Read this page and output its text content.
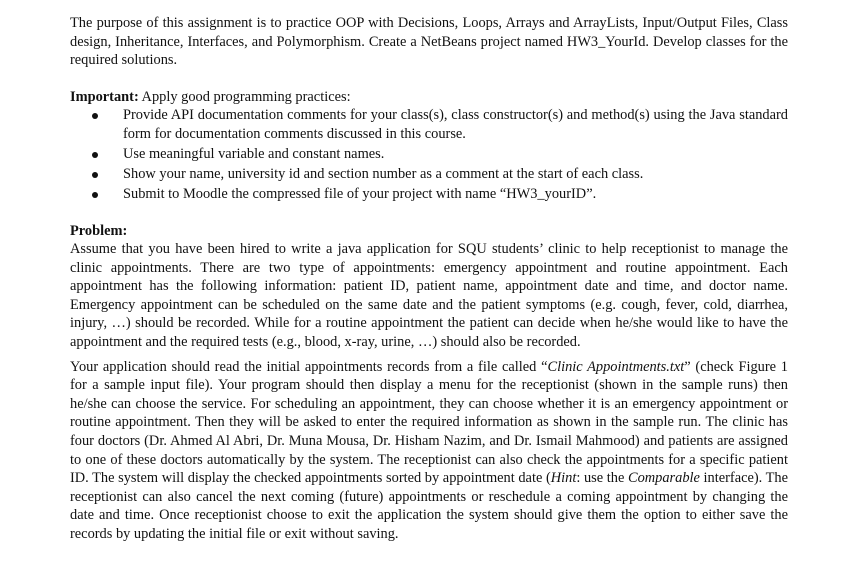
The purpose of this assignment is to practice OOP with Decisions, Loops, Arrays and ArrayLists, Input/Output Files, Class design, Inheritance, Interfaces, and Polymorphism. Create a NetBeans project named HW3_YourId. Develop classes for the required solutions.

Important: Apply good programming practices:

Provide API documentation comments for your class(s), class constructor(s) and method(s) using the Java standard form for documentation comments discussed in this course.
Use meaningful variable and constant names.
Show your name, university id and section number as a comment at the start of each class.
Submit to Moodle the compressed file of your project with name “HW3_yourID”.

Problem:

Assume that you have been hired to write a java application for SQU students’ clinic to help receptionist to manage the clinic appointments. There are two type of appointments: emergency appointment and routine appointment. Each appointment has the following information: patient ID, patient name, appointment date and time, and doctor name. Emergency appointment can be scheduled on the same date and the patient symptoms (e.g. cough, fever, cold, diarrhea, injury, …) should be recorded. While for a routine appointment the patient can decide when he/she would like to have the appointment and the required tests (e.g., blood, x-ray, urine, …) should also be recorded.

Your application should read the initial appointments records from a file called “Clinic Appointments.txt” (check Figure 1 for a sample input file). Your program should then display a menu for the receptionist (shown in the sample runs) then he/she can choose the service. For scheduling an appointment, they can choose whether it is an emergency appointment or routine appointment. Then they will be asked to enter the required information as shown in the sample run. The clinic has four doctors (Dr. Ahmed Al Abri, Dr. Muna Mousa, Dr. Hisham Nazim, and Dr. Ismail Mahmood) and patients are assigned to one of these doctors automatically by the system. The receptionist can also check the appointments for a specific patient ID. The system will display the checked appointments sorted by appointment date (Hint: use the Comparable interface). The receptionist can also cancel the next coming (future) appointments or reschedule a coming appointment by changing the date and time. Once receptionist choose to exit the application the system should give them the option to either save the records by updating the initial file or exit without saving.
